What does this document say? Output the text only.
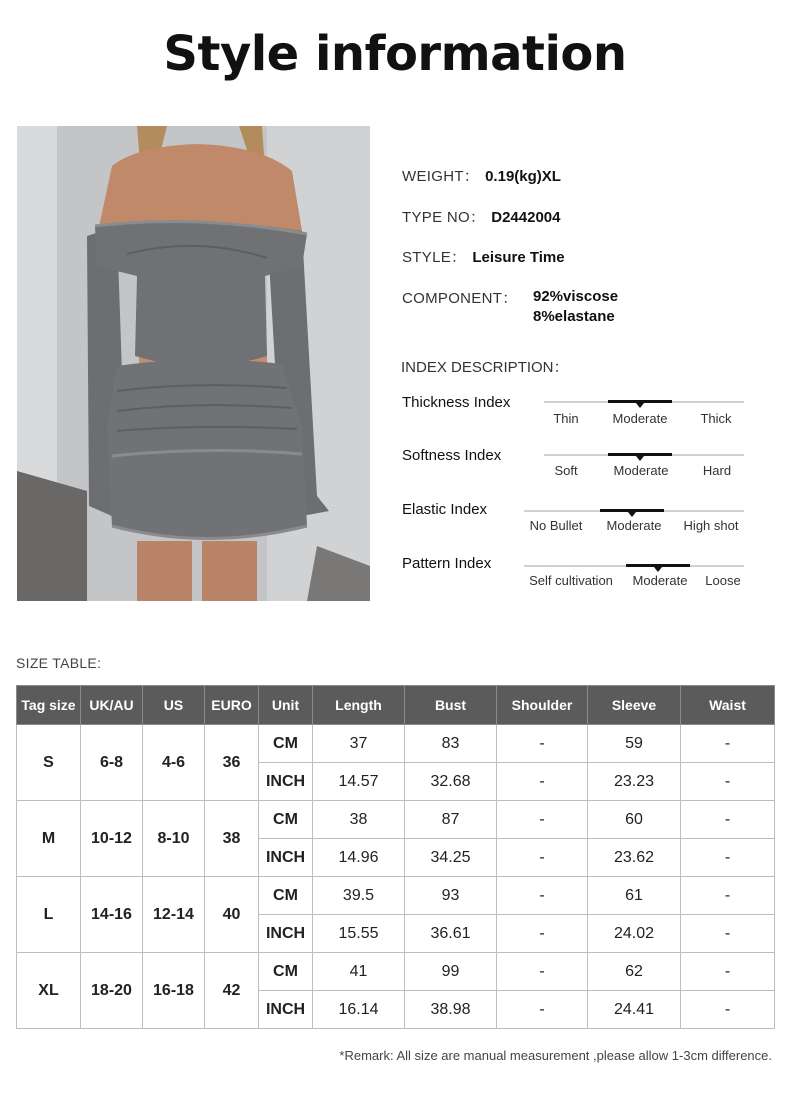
Style information
WEIGHT： 0.19(kg)XL
TYPE NO： D2442004
STYLE： Leisure Time
COMPONENT： 92%viscose
8%elastane
INDEX DESCRIPTION：
Thickness Index
Thin	Moderate	Thick
Softness Index
Soft	Moderate	Hard
Elastic Index
No Bullet Moderate High shot
Pattern Index
Self cultivation Moderate Loose
SIZE TABLE:
Tag size	UK/AU	US	EURO	Unit	Length	Bust	Shoulder	Sleeve	Waist
S	6-8	4-6	36	CM	37	83	-	59	-
				INCH	14.57	32.68	-	23.23	-
M	10-12	8-10	38	CM	38	87	-	60	-
				INCH	14.96	34.25	-	23.62	-
L	14-16	12-14	40	CM	39.5	93	-	61	-
				INCH	15.55	36.61	-	24.02	-
XL	18-20	16-18	42	CM	41	99	-	62	-
				INCH	16.14	38.98	-	24.41	-
*Remark: All size are manual measurement ,please allow 1-3cm difference.
